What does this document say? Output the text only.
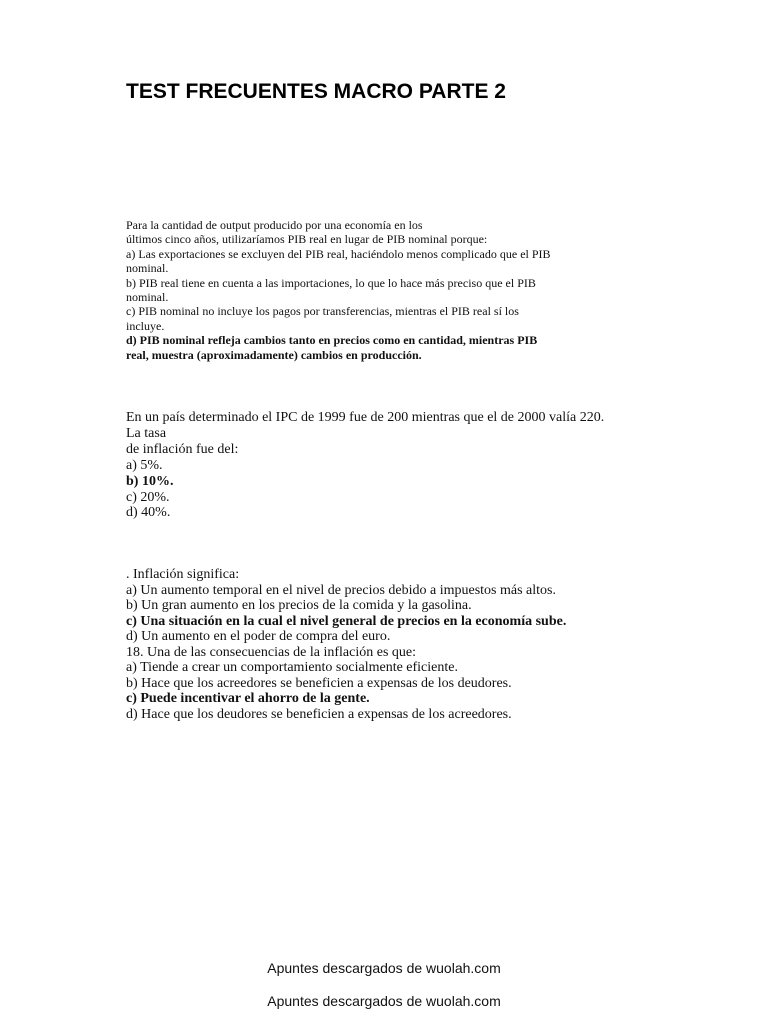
TEST FRECUENTES MACRO PARTE 2
Para la cantidad de output producido por una economía en los
últimos cinco años, utilizaríamos PIB real en lugar de PIB nominal porque:
a) Las exportaciones se excluyen del PIB real, haciéndolo menos complicado que el PIB
nominal.
b) PIB real tiene en cuenta a las importaciones, lo que lo hace más preciso que el PIB
nominal.
c) PIB nominal no incluye los pagos por transferencias, mientras el PIB real sí los
incluye.
d) PIB nominal refleja cambios tanto en precios como en cantidad, mientras PIB
real, muestra (aproximadamente) cambios en producción.
En un país determinado el IPC de 1999 fue de 200 mientras que el de 2000 valía 220.
La tasa
de inflación fue del:
a) 5%.
b) 10%.
c) 20%.
d) 40%.
. Inflación significa:
a) Un aumento temporal en el nivel de precios debido a impuestos más altos.
b) Un gran aumento en los precios de la comida y la gasolina.
c) Una situación en la cual el nivel general de precios en la economía sube.
d) Un aumento en el poder de compra del euro.
18. Una de las consecuencias de la inflación es que:
a) Tiende a crear un comportamiento socialmente eficiente.
b) Hace que los acreedores se beneficien a expensas de los deudores.
c) Puede incentivar el ahorro de la gente.
d) Hace que los deudores se beneficien a expensas de los acreedores.
Apuntes descargados de wuolah.com
Apuntes descargados de wuolah.com
